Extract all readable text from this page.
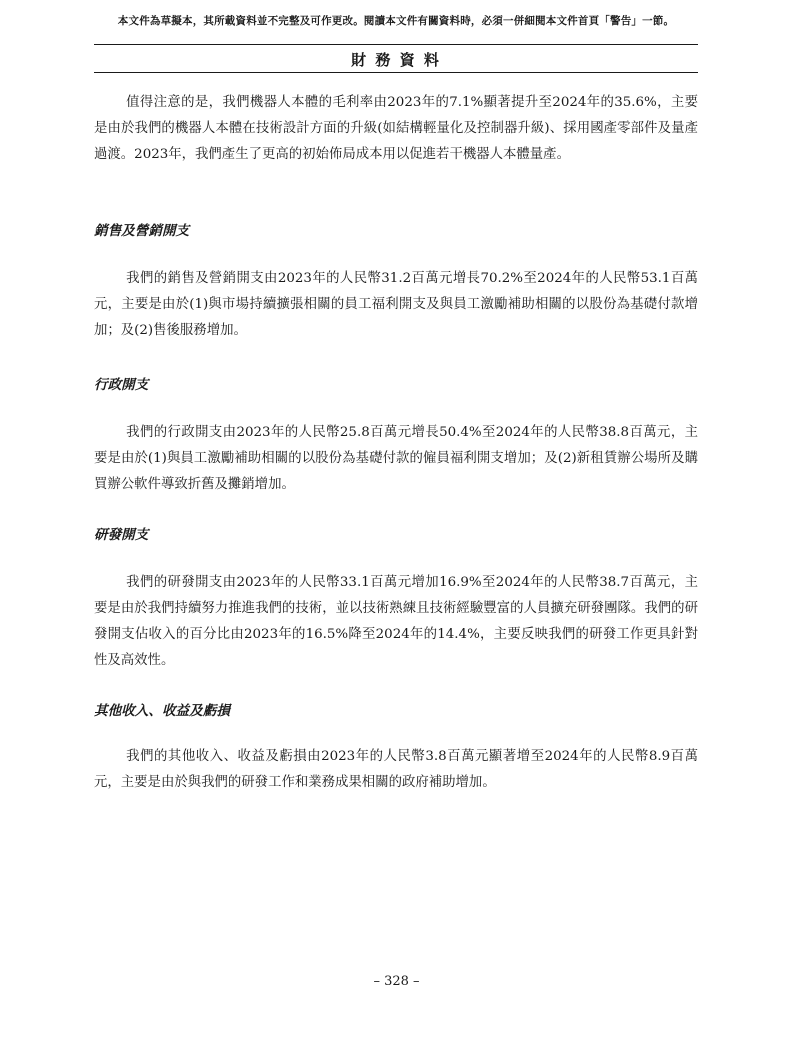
本文件為草擬本，其所載資料並不完整及可作更改。閱讀本文件有關資料時，必須一併細閱本文件首頁「警告」一節。
財 務 資 料

值得注意的是，我們機器人本體的毛利率由2023年的7.1%顯著提升至2024年的35.6%，主要是由於我們的機器人本體在技術設計方面的升級(如結構輕量化及控制器升級)、採用國產零部件及量產過渡。2023年，我們產生了更高的初始佈局成本用以促進若干機器人本體量產。

銷售及營銷開支

我們的銷售及營銷開支由2023年的人民幣31.2百萬元增長70.2%至2024年的人民幣53.1百萬元，主要是由於(1)與市場持續擴張相關的員工福利開支及與員工激勵補助相關的以股份為基礎付款增加；及(2)售後服務增加。

行政開支

我們的行政開支由2023年的人民幣25.8百萬元增長50.4%至2024年的人民幣38.8百萬元，主要是由於(1)與員工激勵補助相關的以股份為基礎付款的僱員福利開支增加；及(2)新租賃辦公場所及購買辦公軟件導致折舊及攤銷增加。

研發開支

我們的研發開支由2023年的人民幣33.1百萬元增加16.9%至2024年的人民幣38.7百萬元，主要是由於我們持續努力推進我們的技術，並以技術熟練且技術經驗豐富的人員擴充研發團隊。我們的研發開支佔收入的百分比由2023年的16.5%降至2024年的14.4%，主要反映我們的研發工作更具針對性及高效性。

其他收入、收益及虧損

我們的其他收入、收益及虧損由2023年的人民幣3.8百萬元顯著增至2024年的人民幣8.9百萬元，主要是由於與我們的研發工作和業務成果相關的政府補助增加。

– 328 –
